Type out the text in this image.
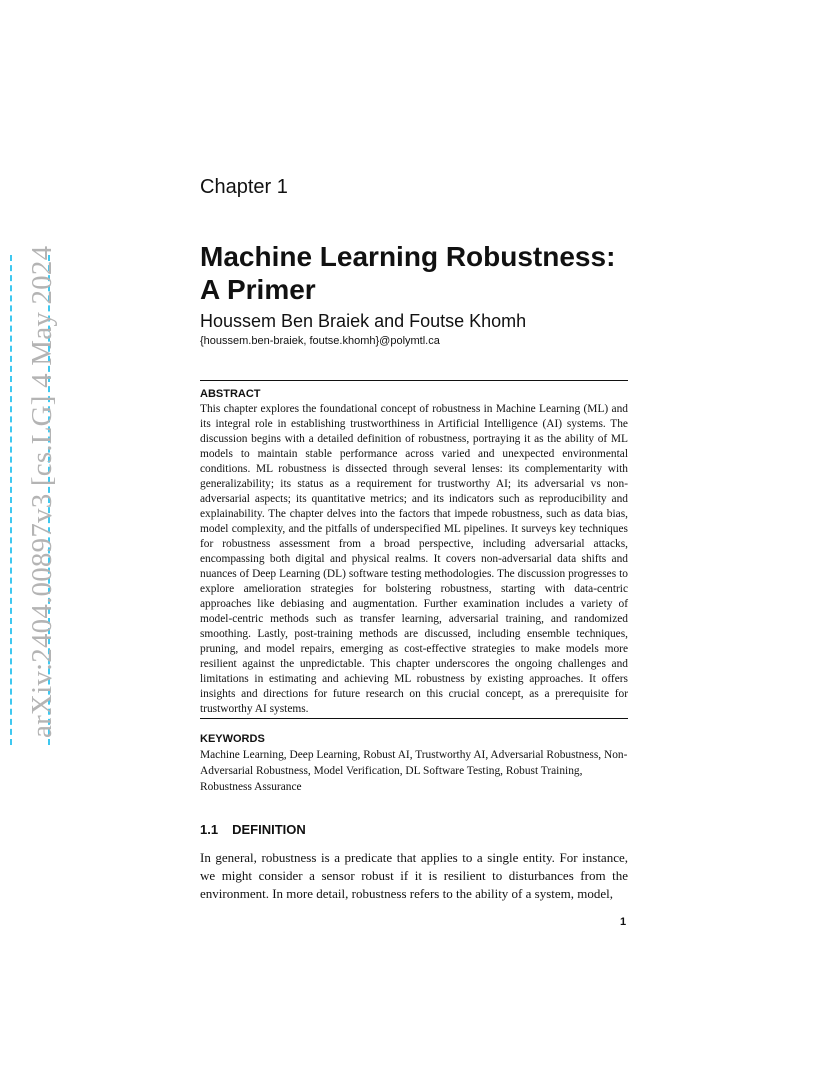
arXiv:2404.00897v3 [cs.LG] 4 May 2024
Chapter 1
Machine Learning Robustness:
A Primer
Houssem Ben Braiek and Foutse Khomh
{houssem.ben-braiek, foutse.khomh}@polymtl.ca
ABSTRACT

This chapter explores the foundational concept of robustness in Machine Learning (ML) and its integral role in establishing trustworthiness in Artificial Intelligence (AI) systems. The discussion begins with a detailed definition of robustness, portraying it as the ability of ML models to maintain stable performance across varied and unexpected environmental conditions. ML robustness is dissected through several lenses: its complementarity with generalizability; its status as a requirement for trustworthy AI; its adversarial vs non-adversarial aspects; its quantitative metrics; and its indicators such as reproducibility and explainability. The chapter delves into the factors that impede robustness, such as data bias, model complexity, and the pitfalls of underspecified ML pipelines. It surveys key techniques for robustness assessment from a broad perspective, including adversarial attacks, encompassing both digital and physical realms. It covers non-adversarial data shifts and nuances of Deep Learning (DL) software testing methodologies. The discussion progresses to explore amelioration strategies for bolstering robustness, starting with data-centric approaches like debiasing and augmentation. Further examination includes a variety of model-centric methods such as transfer learning, adversarial training, and randomized smoothing. Lastly, post-training methods are discussed, including ensemble techniques, pruning, and model repairs, emerging as cost-effective strategies to make models more resilient against the unpredictable. This chapter underscores the ongoing challenges and limitations in estimating and achieving ML robustness by existing approaches. It offers insights and directions for future research on this crucial concept, as a prerequisite for trustworthy AI systems.

KEYWORDS

Machine Learning, Deep Learning, Robust AI, Trustworthy AI, Adversarial Robustness, Non-Adversarial Robustness, Model Verification, DL Software Testing, Robust Training, Robustness Assurance

1.1 DEFINITION

In general, robustness is a predicate that applies to a single entity. For instance, we might consider a sensor robust if it is resilient to disturbances from the environment. In more detail, robustness refers to the ability of a system, model,

1
